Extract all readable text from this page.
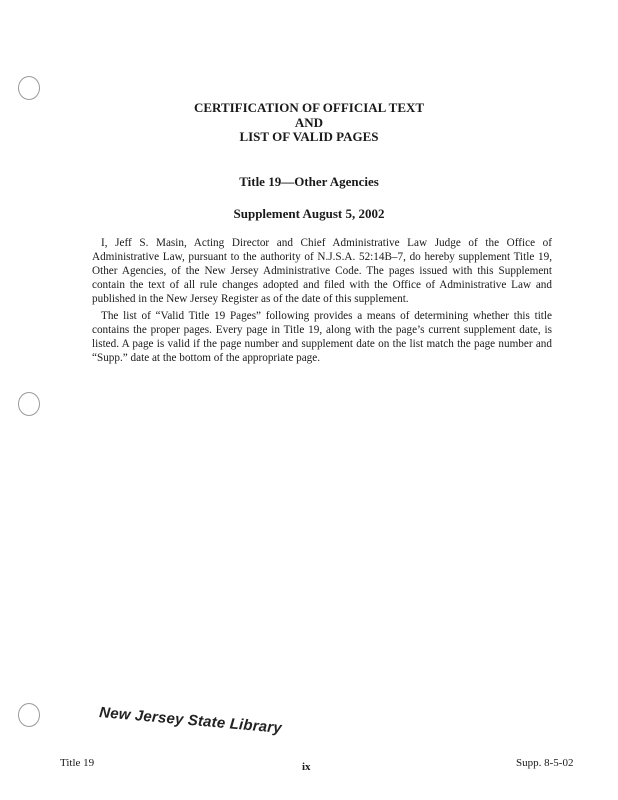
CERTIFICATION OF OFFICIAL TEXT
AND
LIST OF VALID PAGES
Title 19—Other Agencies
Supplement August 5, 2002

I, Jeff S. Masin, Acting Director and Chief Administrative Law Judge of the Office of Administrative Law, pursuant to the authority of N.J.S.A. 52:14B–7, do hereby supplement Title 19, Other Agencies, of the New Jersey Administrative Code. The pages issued with this Supplement contain the text of all rule changes adopted and filed with the Office of Administrative Law and published in the New Jersey Register as of the date of this supplement.

The list of “Valid Title 19 Pages” following provides a means of determining whether this title contains the proper pages. Every page in Title 19, along with the page’s current supplement date, is listed. A page is valid if the page number and supplement date on the list match the page number and “Supp.” date at the bottom of the appropriate page.

New Jersey State Library
Title 19	ix	Supp. 8-5-02
